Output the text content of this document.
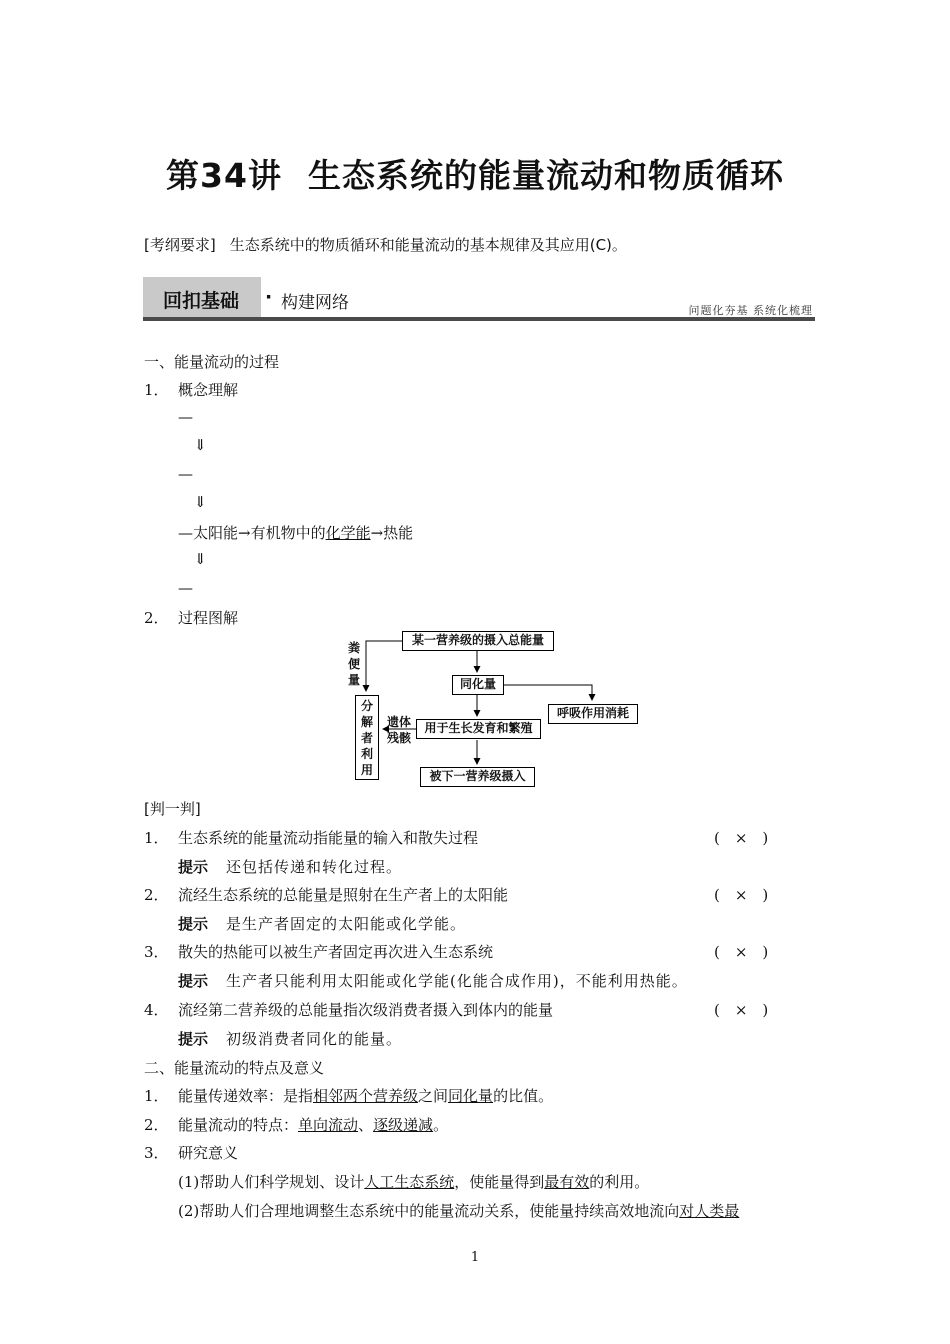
第34讲 生态系统的能量流动和物质循环
[考纲要求] 生态系统中的物质循环和能量流动的基本规律及其应用(C)。
回扣基础 · 构建网络	问题化夯基 系统化梳理
一、能量流动的过程
1． 概念理解
—
⇓
—
⇓
—太阳能→有机物中的化学能→热能
⇓
—
2． 过程图解
某一营养级的摄入总能量
粪便量	同化量
呼吸作用消耗
用于生长发育和繁殖
遗体残骸
分解者利用	被下一营养级摄入
[判一判]
1． 生态系统的能量流动指能量的输入和散失过程	(　×　)
提示 还包括传递和转化过程。
2． 流经生态系统的总能量是照射在生产者上的太阳能	(　×　)
提示 是生产者固定的太阳能或化学能。
3． 散失的热能可以被生产者固定再次进入生态系统	(　×　)
提示 生产者只能利用太阳能或化学能(化能合成作用)，不能利用热能。
4． 流经第二营养级的总能量指次级消费者摄入到体内的能量	(　×　)
提示 初级消费者同化的能量。
二、能量流动的特点及意义
1． 能量传递效率：是指相邻两个营养级之间同化量的比值。
2． 能量流动的特点：单向流动、逐级递减。
3． 研究意义
(1)帮助人们科学规划、设计人工生态系统，使能量得到最有效的利用。
(2)帮助人们合理地调整生态系统中的能量流动关系，使能量持续高效地流向对人类最
1
